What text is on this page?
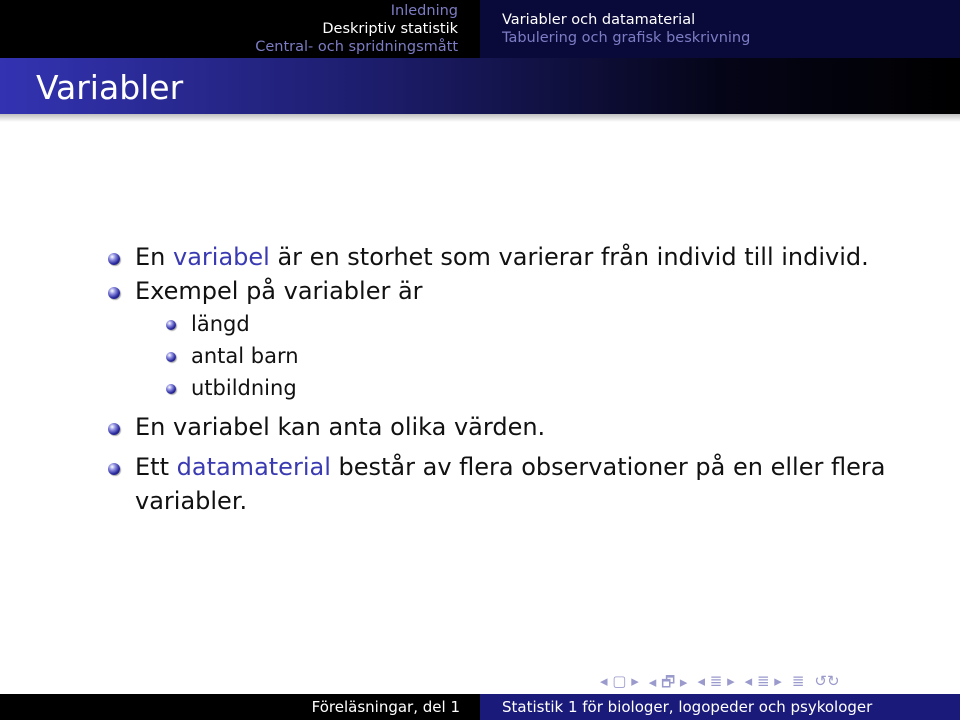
Inledning
Deskriptiv statistik
Central- och spridningsmått
Variabler och datamaterial
Tabulering och grafisk beskrivning
Variabler
En variabel är en storhet som varierar från individ till individ.
Exempel på variabler är
längd
antal barn
utbildning
En variabel kan anta olika värden.
Ett datamaterial består av flera observationer på en eller flera variabler.
◂ ▢ ▸ ◂ 🗗 ▸ ◂ ≣ ▸ ◂ ≣ ▸ ≣ ↺↻
Föreläsningar, del 1	Statistik 1 för biologer, logopeder och psykologer
